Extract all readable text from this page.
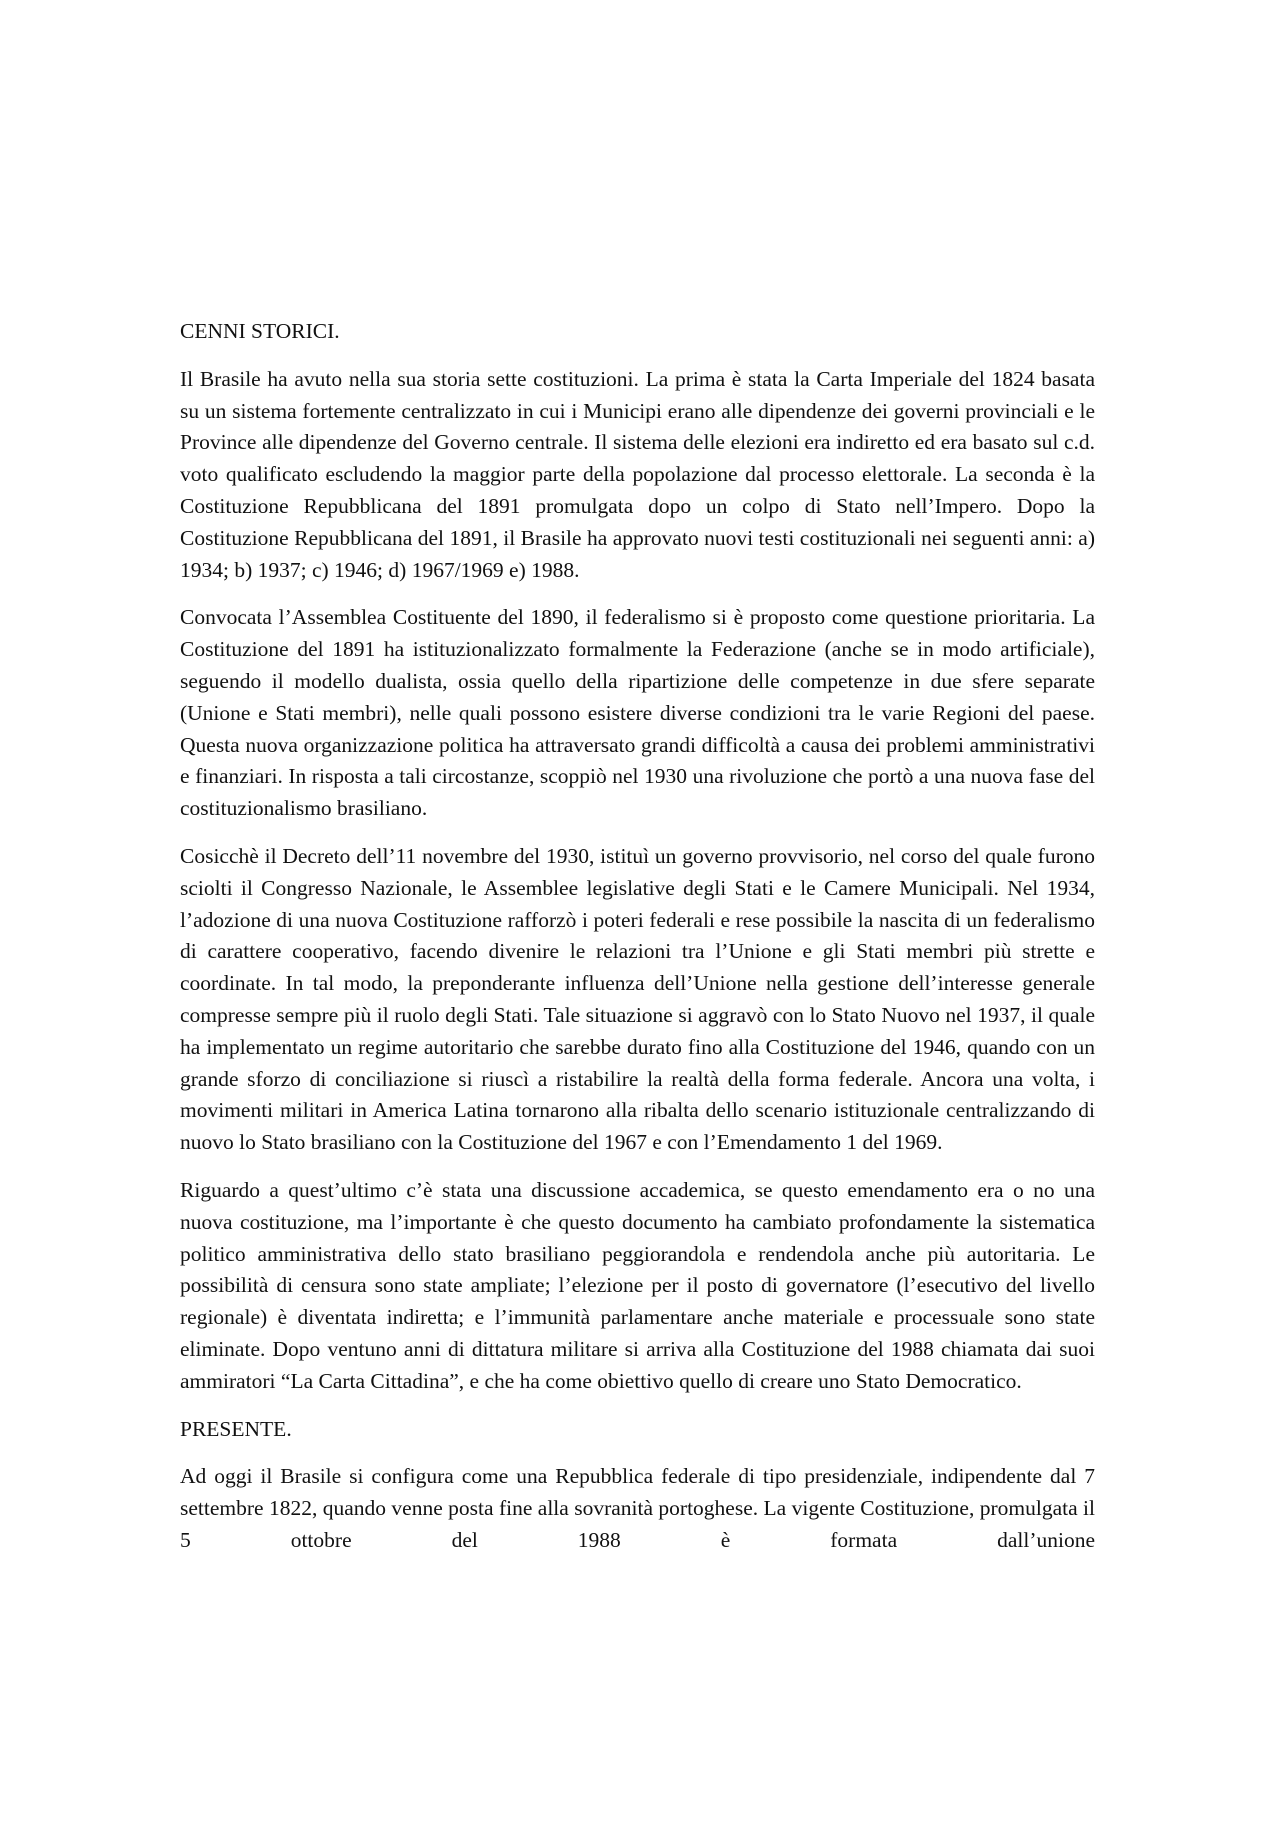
CENNI STORICI.

Il Brasile ha avuto nella sua storia sette costituzioni. La prima è stata la Carta Imperiale del 1824 basata su un sistema fortemente centralizzato in cui i Municipi erano alle dipendenze dei governi provinciali e le Province alle dipendenze del Governo centrale. Il sistema delle elezioni era indiretto ed era basato sul c.d. voto qualificato escludendo la maggior parte della popolazione dal processo elettorale. La seconda è la Costituzione Repubblicana del 1891 promulgata dopo un colpo di Stato nell’Impero. Dopo la Costituzione Repubblicana del 1891, il Brasile ha approvato nuovi testi costituzionali nei seguenti anni: a) 1934; b) 1937; c) 1946; d) 1967/1969 e) 1988.

Convocata l’Assemblea Costituente del 1890, il federalismo si è proposto come questione prioritaria. La Costituzione del 1891 ha istituzionalizzato formalmente la Federazione (anche se in modo artificiale), seguendo il modello dualista, ossia quello della ripartizione delle competenze in due sfere separate (Unione e Stati membri), nelle quali possono esistere diverse condizioni tra le varie Regioni del paese. Questa nuova organizzazione politica ha attraversato grandi difficoltà a causa dei problemi amministrativi e finanziari. In risposta a tali circostanze, scoppiò nel 1930 una rivoluzione che portò a una nuova fase del costituzionalismo brasiliano.

Cosicchè il Decreto dell’11 novembre del 1930, istituì un governo provvisorio, nel corso del quale furono sciolti il Congresso Nazionale, le Assemblee legislative degli Stati e le Camere Municipali. Nel 1934, l’adozione di una nuova Costituzione rafforzò i poteri federali e rese possibile la nascita di un federalismo di carattere cooperativo, facendo divenire le relazioni tra l’Unione e gli Stati membri più strette e coordinate. In tal modo, la preponderante influenza dell’Unione nella gestione dell’interesse generale compresse sempre più il ruolo degli Stati. Tale situazione si aggravò con lo Stato Nuovo nel 1937, il quale ha implementato un regime autoritario che sarebbe durato fino alla Costituzione del 1946, quando con un grande sforzo di conciliazione si riuscì a ristabilire la realtà della forma federale. Ancora una volta, i movimenti militari in America Latina tornarono alla ribalta dello scenario istituzionale centralizzando di nuovo lo Stato brasiliano con la Costituzione del 1967 e con l’Emendamento 1 del 1969.

Riguardo a quest’ultimo c’è stata una discussione accademica, se questo emendamento era o no una nuova costituzione, ma l’importante è che questo documento ha cambiato profondamente la sistematica politico amministrativa dello stato brasiliano peggiorandola e rendendola anche più autoritaria. Le possibilità di censura sono state ampliate; l’elezione per il posto di governatore (l’esecutivo del livello regionale) è diventata indiretta; e l’immunità parlamentare anche materiale e processuale sono state eliminate. Dopo ventuno anni di dittatura militare si arriva alla Costituzione del 1988 chiamata dai suoi ammiratori “La Carta Cittadina”, e che ha come obiettivo quello di creare uno Stato Democratico.

PRESENTE.

Ad oggi il Brasile si configura come una Repubblica federale di tipo presidenziale, indipendente dal 7 settembre 1822, quando venne posta fine alla sovranità portoghese. La vigente Costituzione, promulgata il 5 ottobre del 1988 è formata dall’unione
